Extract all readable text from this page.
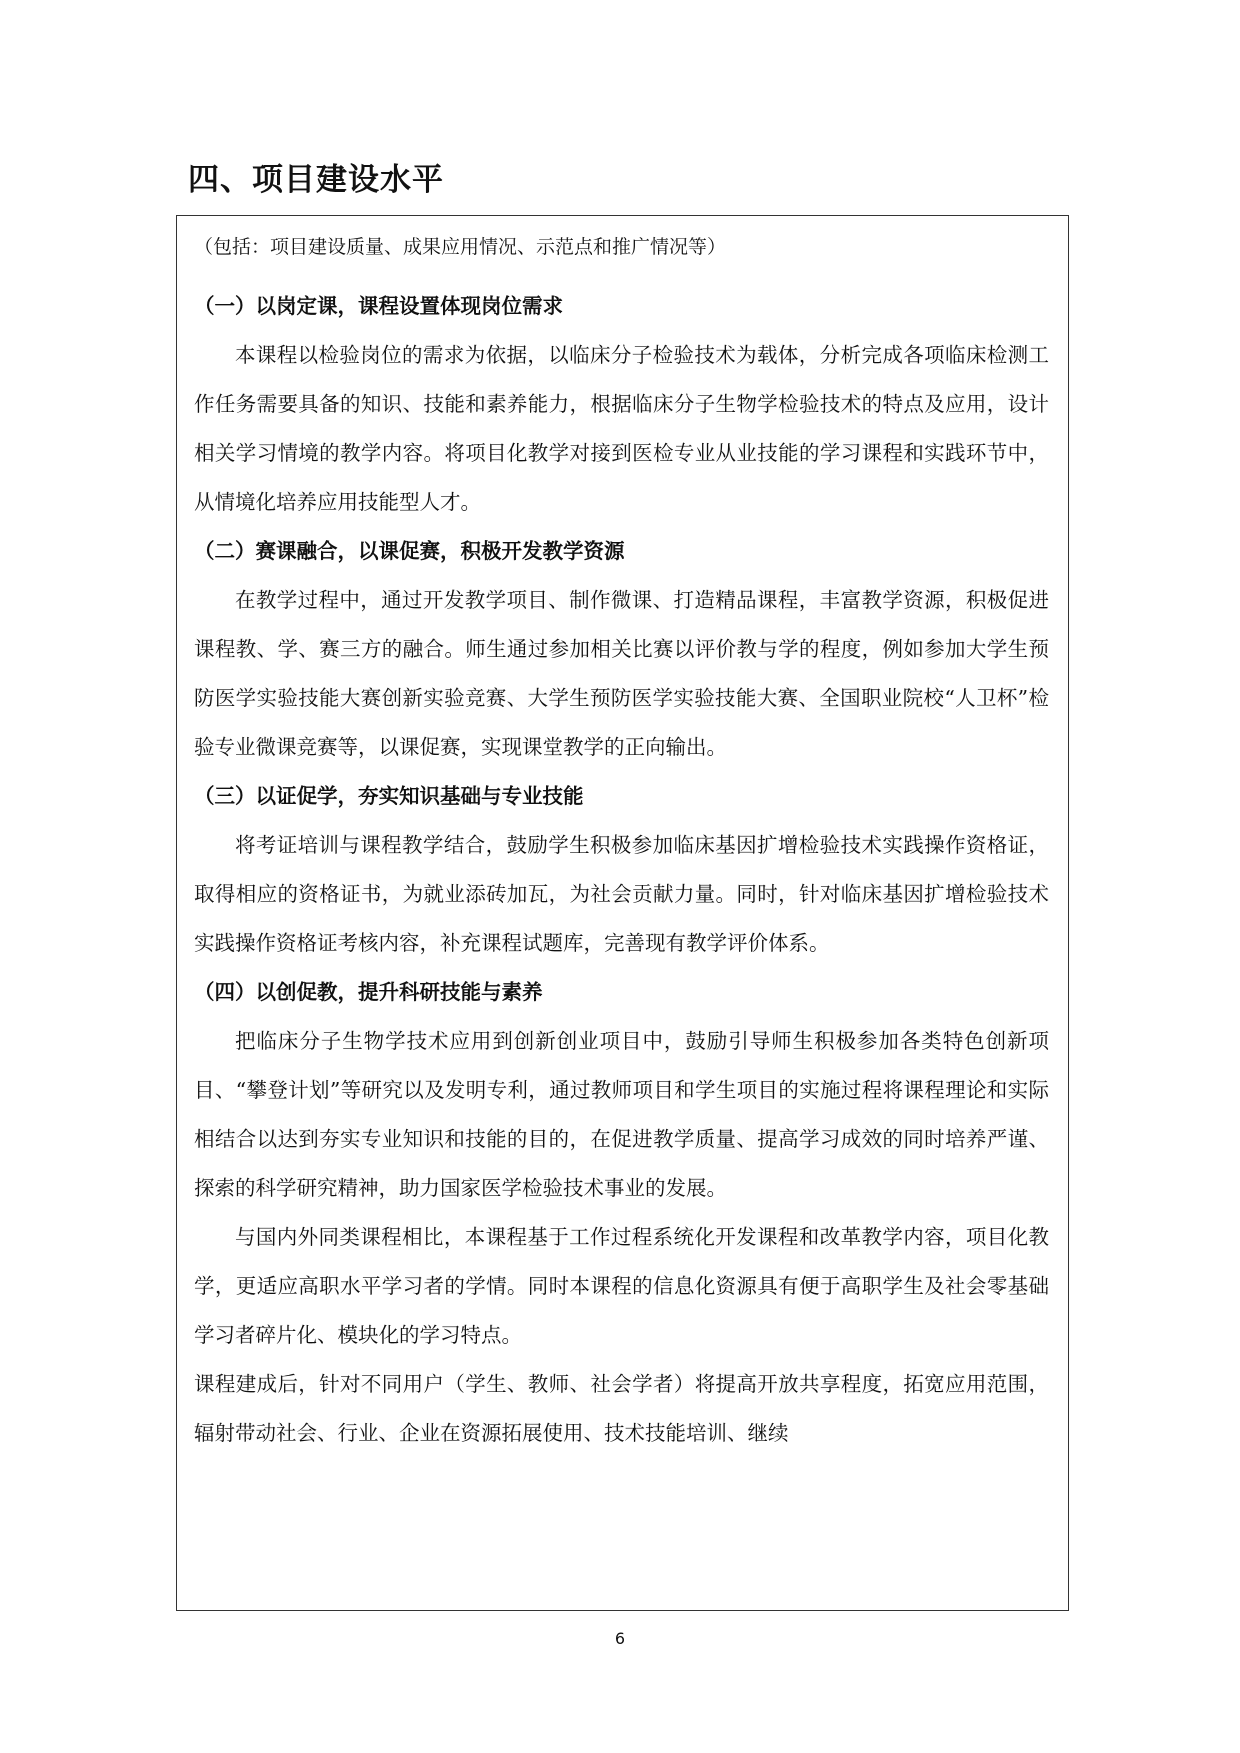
四、项目建设水平

（包括：项目建设质量、成果应用情况、示范点和推广情况等）

（一）以岗定课，课程设置体现岗位需求

本课程以检验岗位的需求为依据，以临床分子检验技术为载体，分析完成各项临床检测工作任务需要具备的知识、技能和素养能力，根据临床分子生物学检验技术的特点及应用，设计相关学习情境的教学内容。将项目化教学对接到医检专业从业技能的学习课程和实践环节中，从情境化培养应用技能型人才。

（二）赛课融合，以课促赛，积极开发教学资源

在教学过程中，通过开发教学项目、制作微课、打造精品课程，丰富教学资源，积极促进课程教、学、赛三方的融合。师生通过参加相关比赛以评价教与学的程度，例如参加大学生预防医学实验技能大赛创新实验竞赛、大学生预防医学实验技能大赛、全国职业院校“人卫杯”检验专业微课竞赛等，以课促赛，实现课堂教学的正向输出。

（三）以证促学，夯实知识基础与专业技能

将考证培训与课程教学结合，鼓励学生积极参加临床基因扩增检验技术实践操作资格证，取得相应的资格证书，为就业添砖加瓦，为社会贡献力量。同时，针对临床基因扩增检验技术实践操作资格证考核内容，补充课程试题库，完善现有教学评价体系。

（四）以创促教，提升科研技能与素养

把临床分子生物学技术应用到创新创业项目中，鼓励引导师生积极参加各类特色创新项目、“攀登计划”等研究以及发明专利，通过教师项目和学生项目的实施过程将课程理论和实际相结合以达到夯实专业知识和技能的目的，在促进教学质量、提高学习成效的同时培养严谨、探索的科学研究精神，助力国家医学检验技术事业的发展。

与国内外同类课程相比，本课程基于工作过程系统化开发课程和改革教学内容，项目化教学，更适应高职水平学习者的学情。同时本课程的信息化资源具有便于高职学生及社会零基础学习者碎片化、模块化的学习特点。

课程建成后，针对不同用户（学生、教师、社会学者）将提高开放共享程度，拓宽应用范围，辐射带动社会、行业、企业在资源拓展使用、技术技能培训、继续

6
